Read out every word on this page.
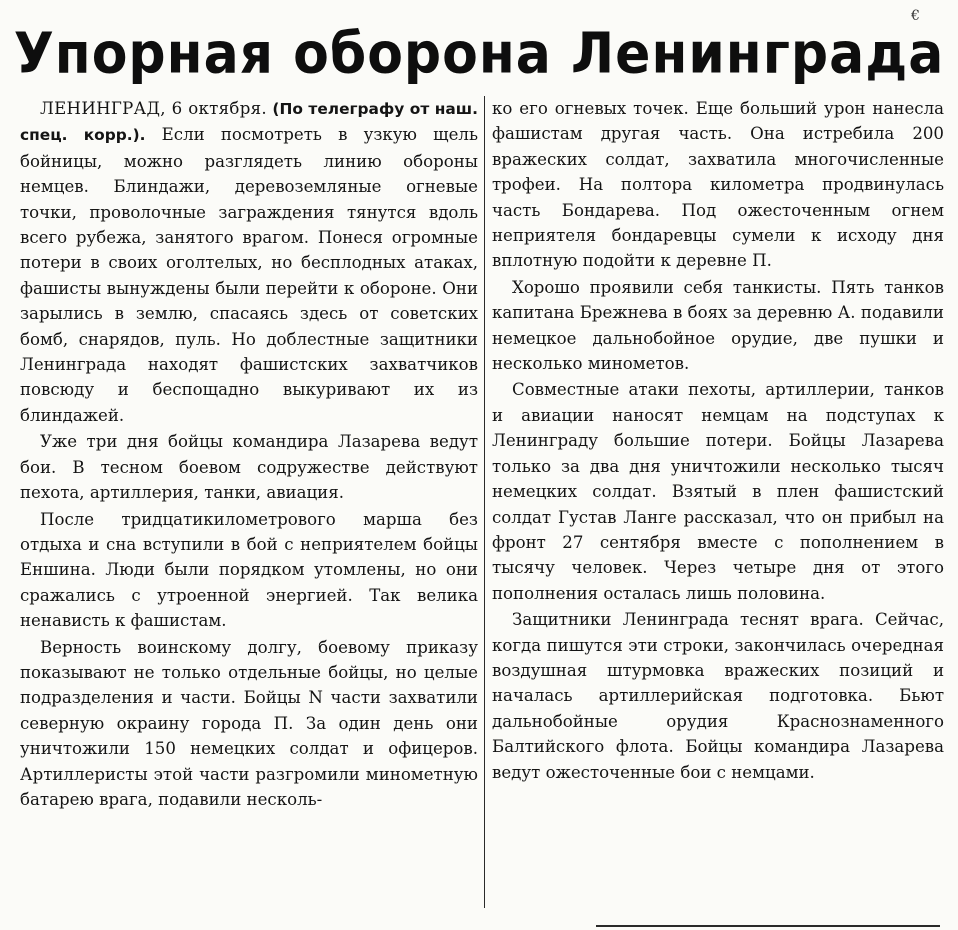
€
Упорная оборона Ленинграда

ЛЕНИНГРАД, 6 октября. (По телеграфу от наш. спец. корр.). Если посмотреть в узкую щель бойницы, можно разглядеть линию обороны немцев. Блиндажи, деревоземляные огневые точки, проволочные заграждения тянутся вдоль всего рубежа, занятого врагом. Понеся огромные потери в своих оголтелых, но бесплодных атаках, фашисты вынуждены были перейти к обороне. Они зарылись в землю, спасаясь здесь от советских бомб, снарядов, пуль. Но доблестные защитники Ленинграда находят фашистских захватчиков повсюду и беспощадно выкуривают их из блиндажей.

Уже три дня бойцы командира Лазарева ведут бои. В тесном боевом содружестве действуют пехота, артиллерия, танки, авиация.

После тридцатикилометрового марша без отдыха и сна вступили в бой с неприятелем бойцы Еншина. Люди были порядком утомлены, но они сражались с утроенной энергией. Так велика ненависть к фашистам.

Верность воинскому долгу, боевому приказу показывают не только отдельные бойцы, но целые подразделения и части. Бойцы N части захватили северную окраину города П. За один день они уничтожили 150 немецких солдат и офицеров. Артиллеристы этой части разгромили минометную батарею врага, подавили несколь-

ко его огневых точек. Еще больший урон нанесла фашистам другая часть. Она истребила 200 вражеских солдат, захватила многочисленные трофеи. На полтора километра продвинулась часть Бондарева. Под ожесточенным огнем неприятеля бондаревцы сумели к исходу дня вплотную подойти к деревне П.

Хорошо проявили себя танкисты. Пять танков капитана Брежнева в боях за деревню А. подавили немецкое дальнобойное орудие, две пушки и несколько минометов.

Совместные атаки пехоты, артиллерии, танков и авиации наносят немцам на подступах к Ленинграду большие потери. Бойцы Лазарева только за два дня уничтожили несколько тысяч немецких солдат. Взятый в плен фашистский солдат Густав Ланге рассказал, что он прибыл на фронт 27 сентября вместе с пополнением в тысячу человек. Через четыре дня от этого пополнения осталась лишь половина.

Защитники Ленинграда теснят врага. Сейчас, когда пишутся эти строки, закончилась очередная воздушная штурмовка вражеских позиций и началась артиллерийская подготовка. Бьют дальнобойные орудия Краснознаменного Балтийского флота. Бойцы командира Лазарева ведут ожесточенные бои с немцами.
